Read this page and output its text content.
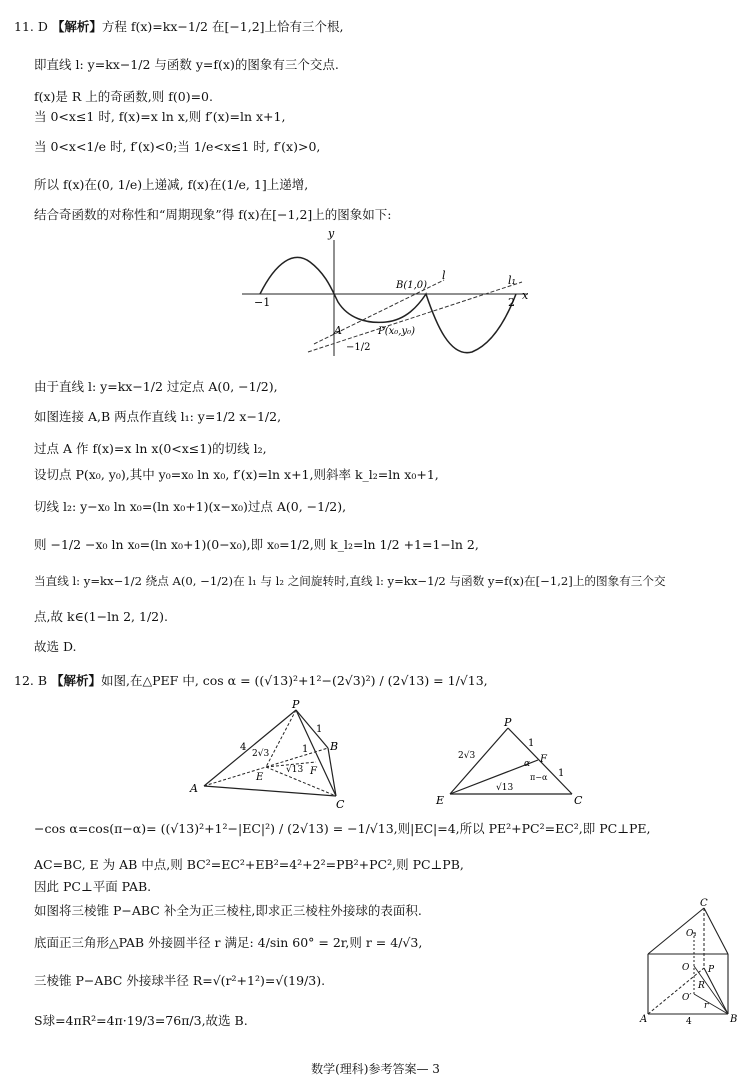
11. D 【解析】方程 f(x)=kx−1/2 在[−1,2]上恰有三个根,
即直线 l: y=kx−1/2 与函数 y=f(x)的图象有三个交点.
f(x)是 R 上的奇函数,则 f(0)=0.
当 0<x≤1 时, f(x)=x ln x,则 f′(x)=ln x+1,
当 0<x<1/e 时, f′(x)<0;当 1/e<x≤1 时, f′(x)>0,
所以 f(x)在(0, 1/e)上递减, f(x)在(1/e, 1]上递增,
结合奇函数的对称性和“周期现象”得 f(x)在[−1,2]上的图象如下:
y
x
−1	2
B(1,0)
l	l₁
A
−1/2
P(x₀,y₀)
由于直线 l: y=kx−1/2 过定点 A(0, −1/2),
如图连接 A,B 两点作直线 l₁: y=1/2 x−1/2,
过点 A 作 f(x)=x ln x(0<x≤1)的切线 l₂,
设切点 P(x₀, y₀),其中 y₀=x₀ ln x₀, f′(x)=ln x+1,则斜率 k_l₂=ln x₀+1,
切线 l₂: y−x₀ ln x₀=(ln x₀+1)(x−x₀)过点 A(0, −1/2),
则 −1/2 −x₀ ln x₀=(ln x₀+1)(0−x₀),即 x₀=1/2,则 k_l₂=ln 1/2 +1=1−ln 2,
当直线 l: y=kx−1/2 绕点 A(0, −1/2)在 l₁ 与 l₂ 之间旋转时,直线 l: y=kx−1/2 与函数 y=f(x)在[−1,2]上的图象有三个交
点,故 k∈(1−ln 2, 1/2).
故选 D.
12. B 【解析】如图,在△PEF 中, cos α = ((√13)²+1²−(2√3)²) / (2√13) = 1/√13,
P
A
B
C
E
F
4
1
1
2√3
√13
P
E
F
C
2√3
1
1
√13
α
π−α
−cos α=cos(π−α)= ((√13)²+1²−|EC|²) / (2√13) = −1/√13,则|EC|=4,所以 PE²+PC²=EC²,即 PC⊥PE,
AC=BC, E 为 AB 中点,则 BC²=EC²+EB²=4²+2²=PB²+PC²,则 PC⊥PB,
因此 PC⊥平面 PAB.
如图将三棱锥 P−ABC 补全为正三棱柱,即求正三棱柱外接球的表面积.
底面正三角形△PAB 外接圆半径 r 满足: 4/sin 60° = 2r,则 r = 4/√3,
三棱锥 P−ABC 外接球半径 R=√(r²+1²)=√(19/3).
S球=4πR²=4π·19/3=76π/3,故选 B.
C
O₁
O P
R
O′
r
A	B
4
数学(理科)参考答案— 3
